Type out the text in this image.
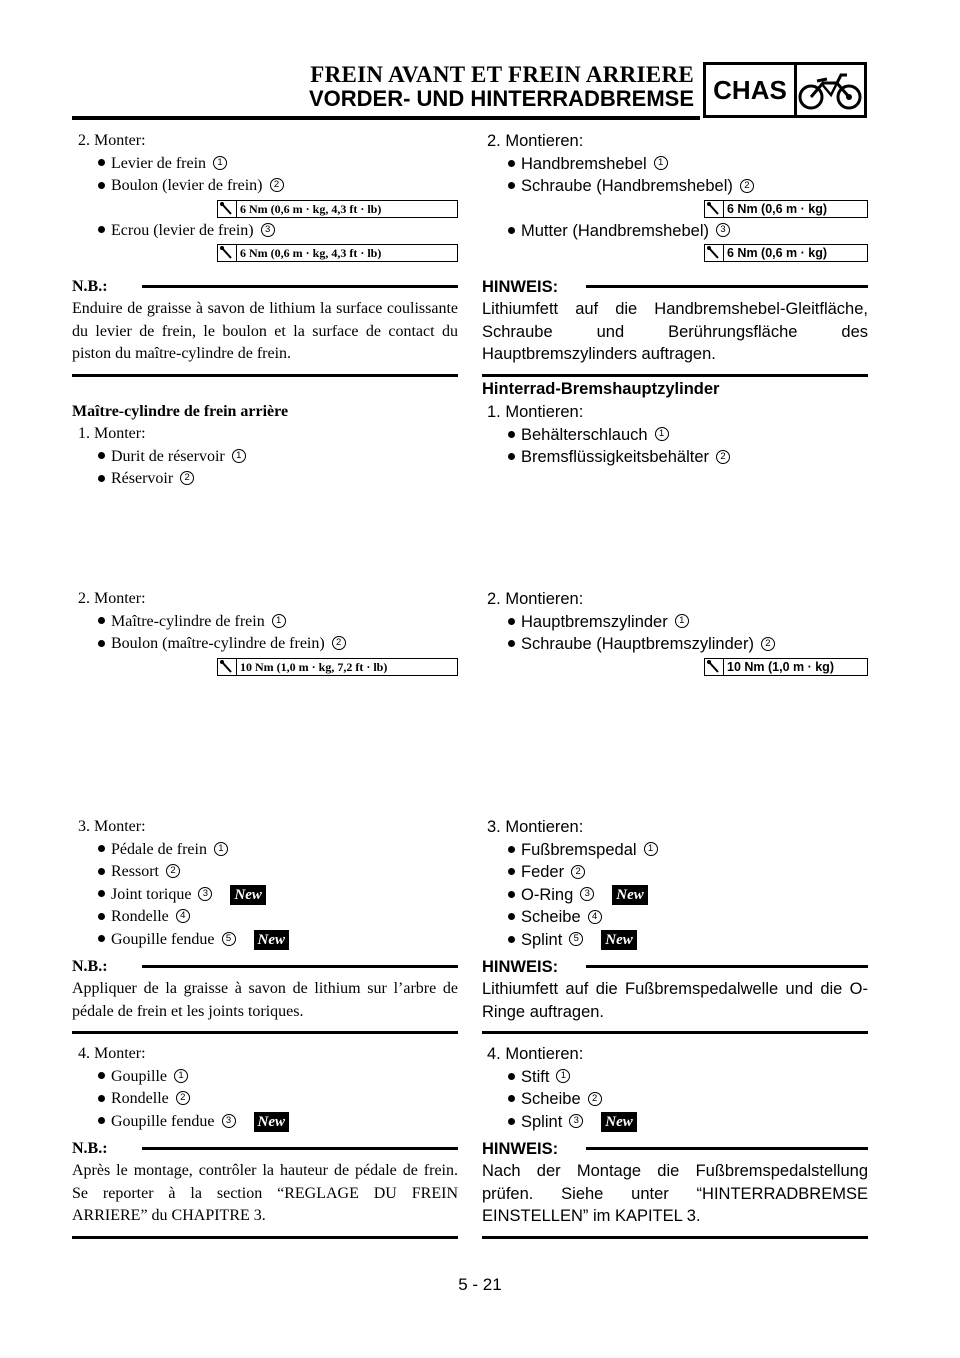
FREIN AVANT ET FREIN ARRIERE
VORDER- UND HINTERRADBREMSE CHAS
2. Monter:
Levier de frein 1
Boulon (levier de frein) 2
6 Nm (0,6 m · kg, 4,3 ft · lb)
Ecrou (levier de frein) 3
6 Nm (0,6 m · kg, 4,3 ft · lb)
N.B.:
Enduire de graisse à savon de lithium la surface coulissante du levier de frein, le boulon et la surface de contact du piston du maître-cylindre de frein.
Maître-cylindre de frein arrière
1. Monter:
Durit de réservoir 1
Réservoir 2
2. Monter:
Maître-cylindre de frein 1
Boulon (maître-cylindre de frein) 2
10 Nm (1,0 m · kg, 7,2 ft · lb)
3. Monter:
Pédale de frein 1
Ressort 2
Joint torique 3 New
Rondelle 4
Goupille fendue 5 New
N.B.:
Appliquer de la graisse à savon de lithium sur l’arbre de pédale de frein et les joints toriques.
4. Monter:
Goupille 1
Rondelle 2
Goupille fendue 3 New
N.B.:
Après le montage, contrôler la hauteur de pédale de frein. Se reporter à la section “REGLAGE DU FREIN ARRIERE” du CHAPITRE 3.
2. Montieren:
Handbremshebel 1
Schraube (Handbremshebel) 2
6 Nm (0,6 m · kg)
Mutter (Handbremshebel) 3
6 Nm (0,6 m · kg)
HINWEIS:
Lithiumfett auf die Handbremshebel-Gleitfläche, Schraube und Berührungsfläche des Hauptbremszylinders auftragen.
Hinterrad-Bremshauptzylinder
1. Montieren:
Behälterschlauch 1
Bremsflüssigkeitsbehälter 2
2. Montieren:
Hauptbremszylinder 1
Schraube (Hauptbremszylinder) 2
10 Nm (1,0 m · kg)
3. Montieren:
Fußbremspedal 1
Feder 2
O-Ring 3 New
Scheibe 4
Splint 5 New
HINWEIS:
Lithiumfett auf die Fußbremspedalwelle und die O-Ringe auftragen.
4. Montieren:
Stift 1
Scheibe 2
Splint 3 New
HINWEIS:
Nach der Montage die Fußbremspedalstellung prüfen. Siehe unter “HINTERRADBREMSE EINSTELLEN” im KAPITEL 3.
5 - 21
